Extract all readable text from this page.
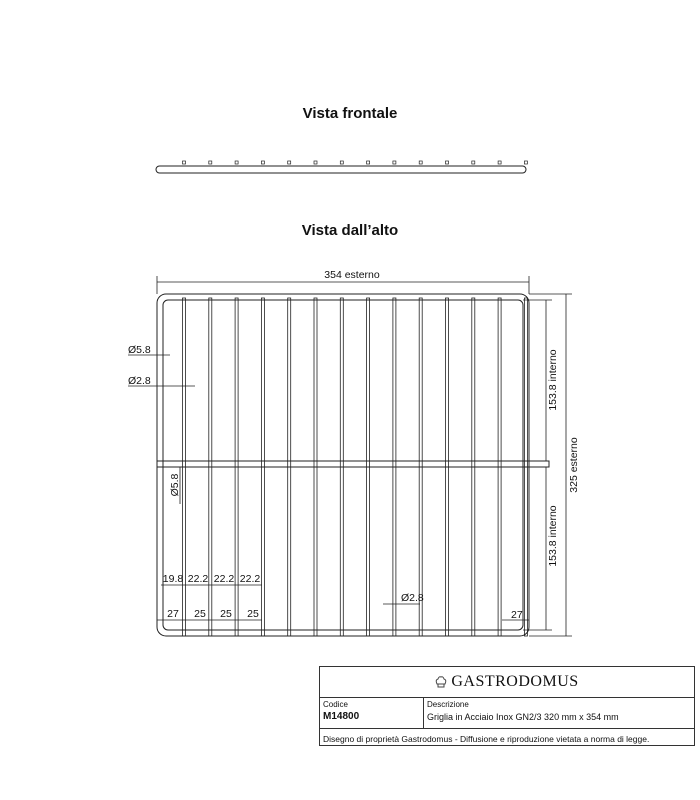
Vista frontale
Vista dall’alto
354 esterno
325 esterno
153.8 interno
153.8 interno
Ø5.8
Ø2.8
Ø5.8
Ø2.8
27
19.8 22.2 22.2 22.2
27 25 25 25
GASTRODOMUS
Codice
M14800
Descrizione
Griglia in Acciaio Inox GN2/3 320 mm x 354 mm
Disegno di proprietà Gastrodomus - Diffusione e riproduzione vietata a norma di legge.
